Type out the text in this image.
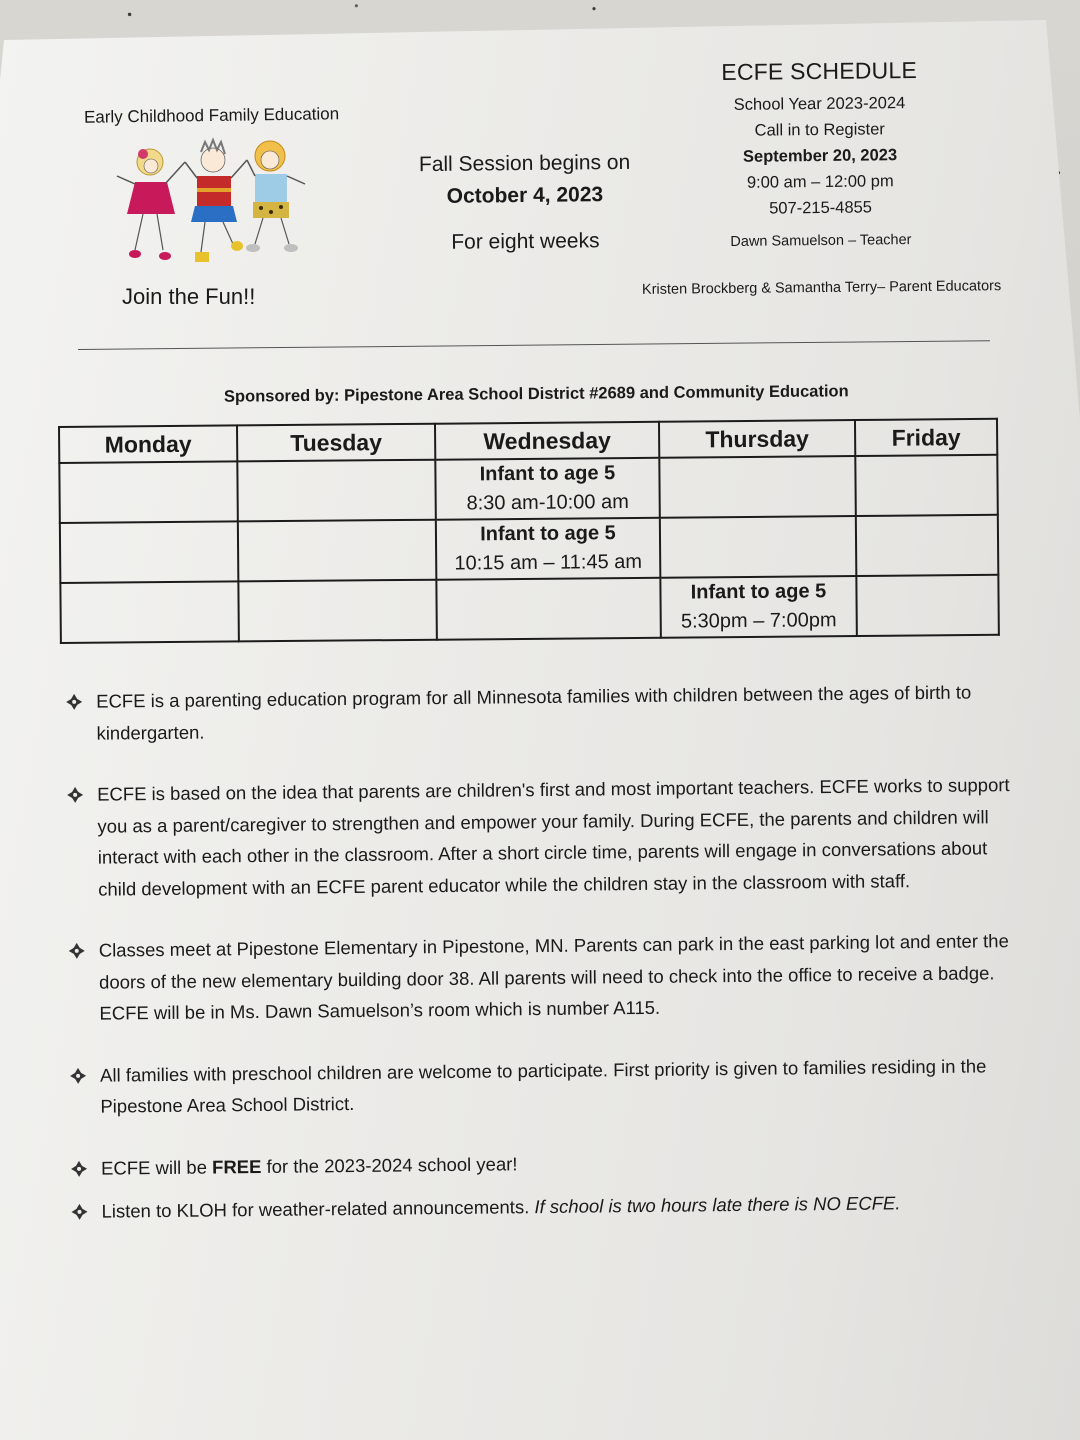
Early Childhood Family Education
Join the Fun!!
Fall Session begins on
October 4, 2023
For eight weeks
ECFE SCHEDULE
School Year 2023-2024
Call in to Register
September 20, 2023
9:00 am – 12:00 pm
507-215-4855
Dawn Samuelson – Teacher
Kristen Brockberg & Samantha Terry– Parent Educators
Sponsored by: Pipestone Area School District #2689 and Community Education
Monday	Tuesday	Wednesday	Thursday	Friday

		Infant to age 5
8:30 am-10:00 am		

		Infant to age 5
10:15 am – 11:45 am		

			Infant to age 5
5:30pm – 7:00pm	

ECFE is a parenting education program for all Minnesota families with children between the ages of birth to kindergarten.
ECFE is based on the idea that parents are children's first and most important teachers. ECFE works to support you as a parent/caregiver to strengthen and empower your family. During ECFE, the parents and children will interact with each other in the classroom. After a short circle time, parents will engage in conversations about child development with an ECFE parent educator while the children stay in the classroom with staff.
Classes meet at Pipestone Elementary in Pipestone, MN. Parents can park in the east parking lot and enter the doors of the new elementary building door 38. All parents will need to check into the office to receive a badge. ECFE will be in Ms. Dawn Samuelson’s room which is number A115.
All families with preschool children are welcome to participate. First priority is given to families residing in the Pipestone Area School District.
ECFE will be FREE for the 2023-2024 school year!
Listen to KLOH for weather-related announcements. If school is two hours late there is NO ECFE.
